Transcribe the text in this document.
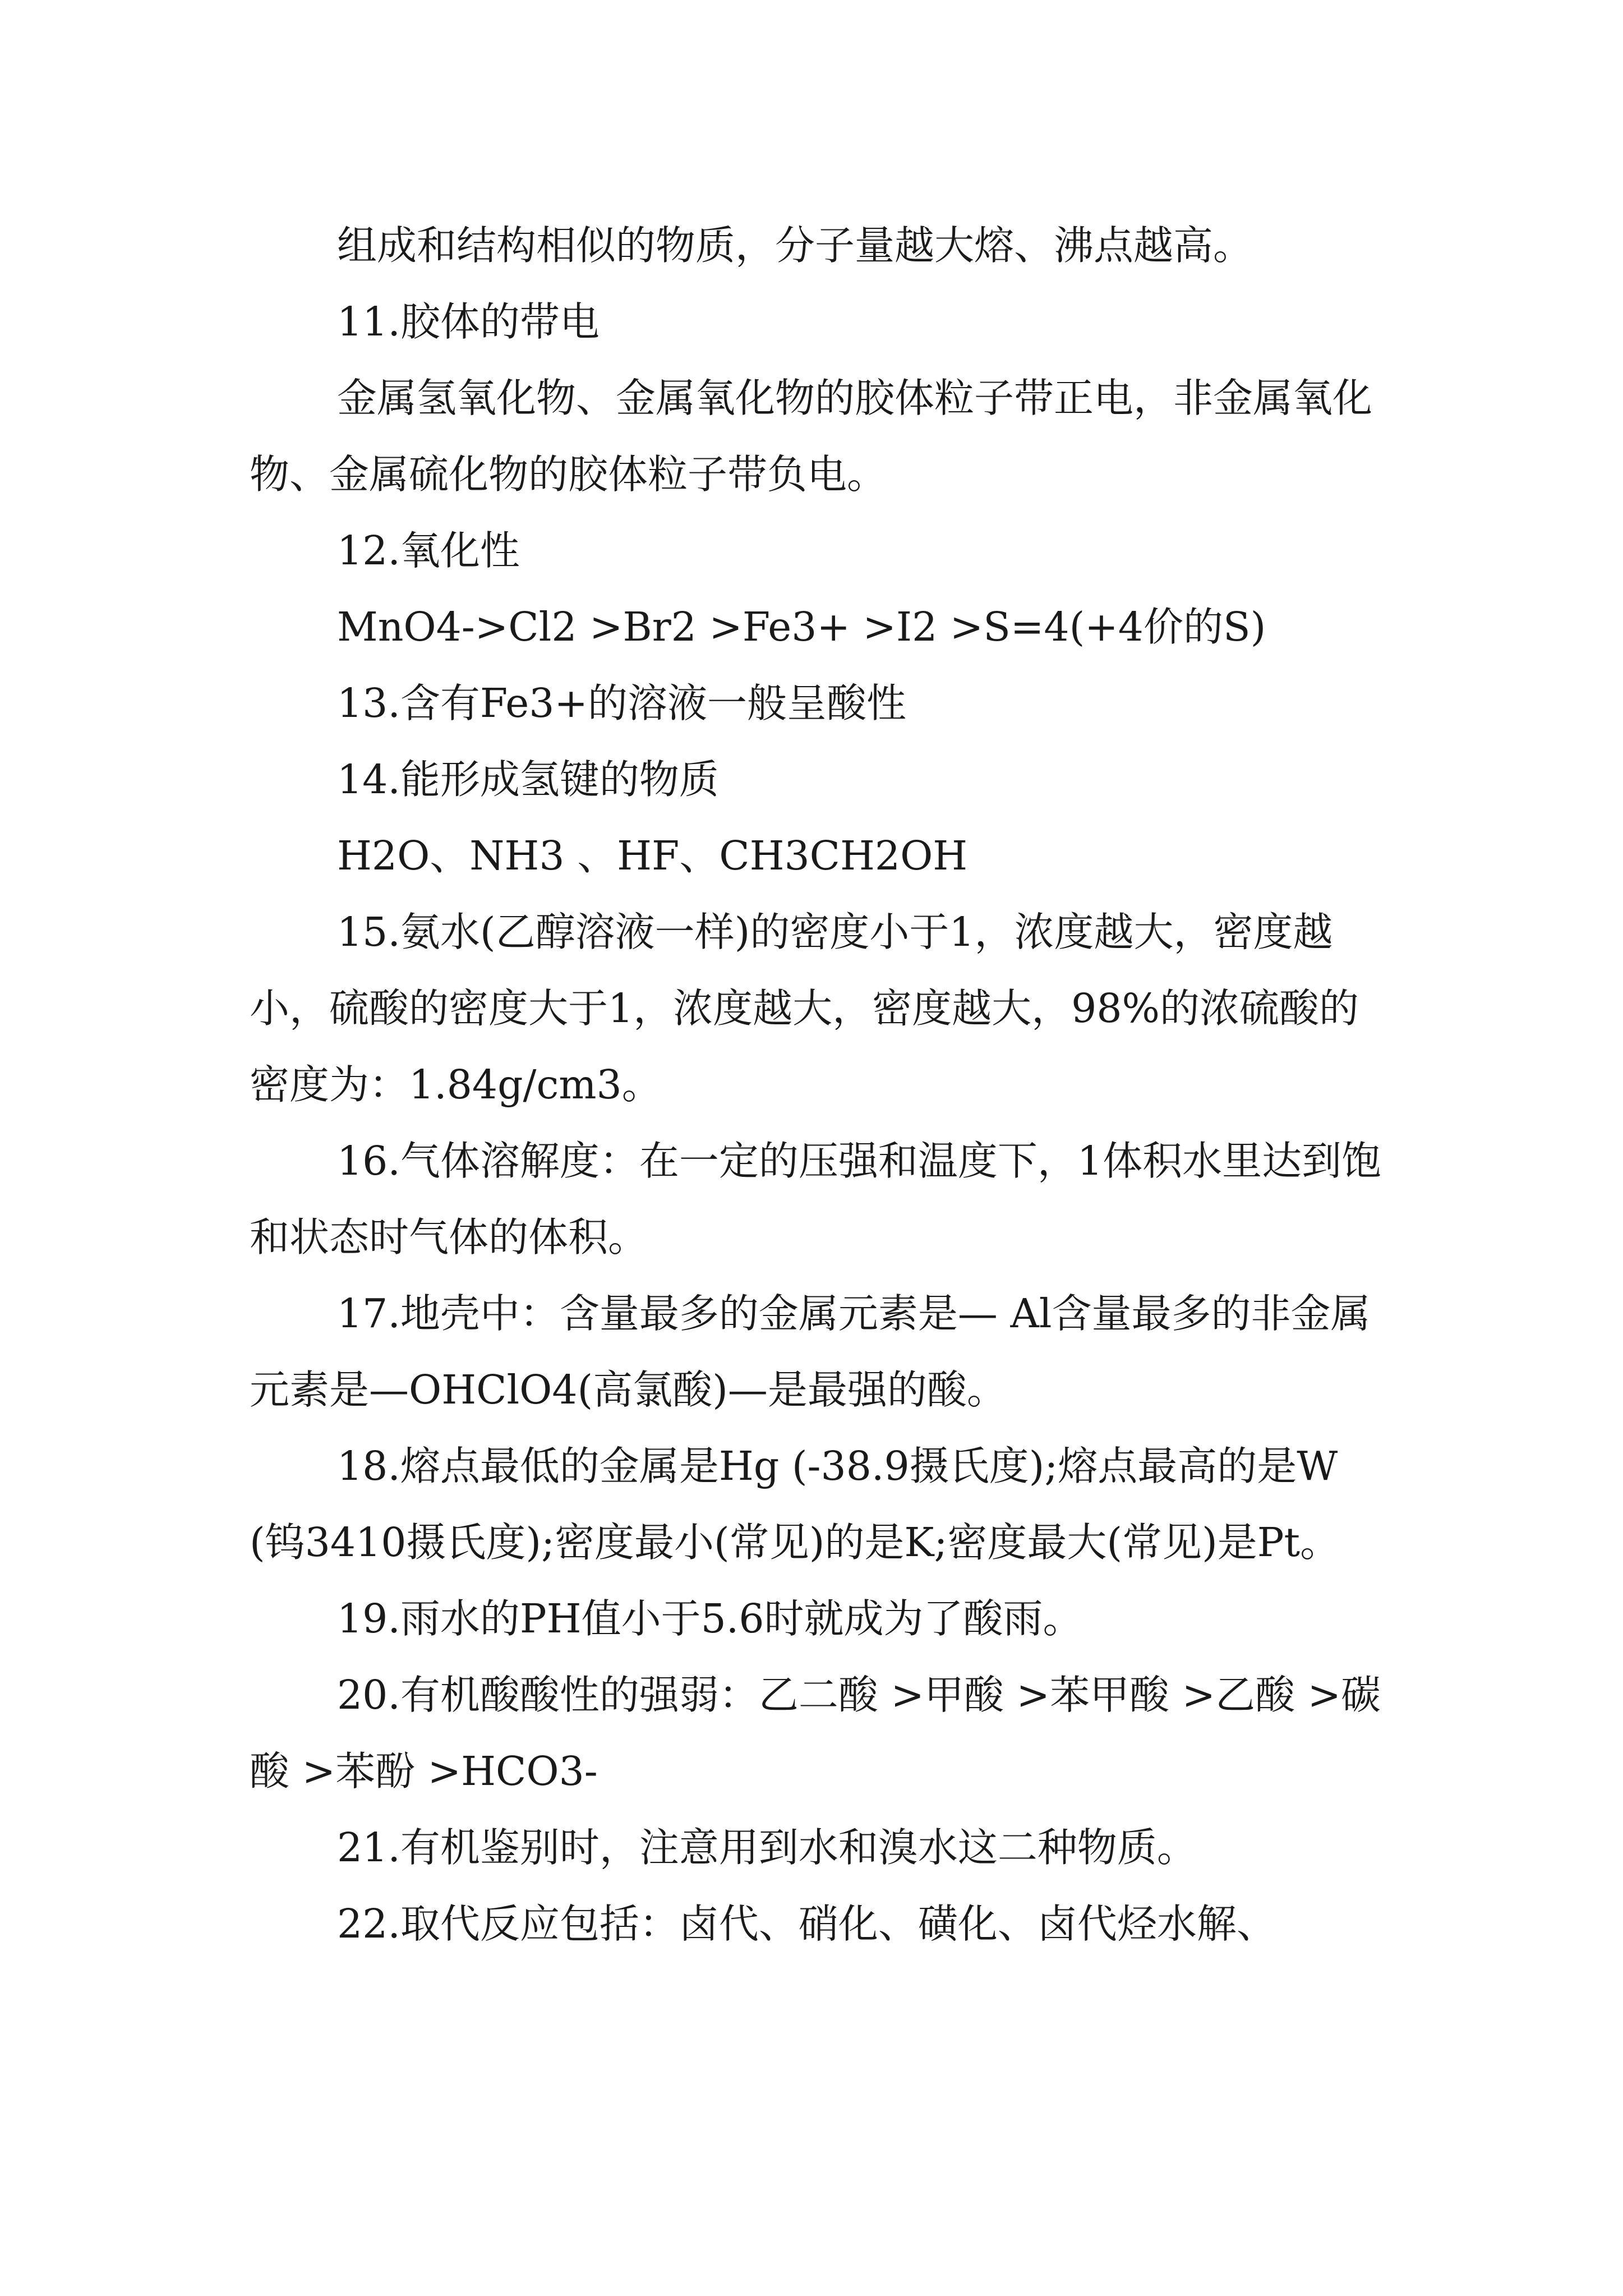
组成和结构相似的物质，分子量越大熔、沸点越高。

11.胶体的带电

金属氢氧化物、金属氧化物的胶体粒子带正电，非金属氧化物、金属硫化物的胶体粒子带负电。

12.氧化性

MnO4->Cl2 >Br2 >Fe3+ >I2 >S=4(+4价的S)

13.含有Fe3+的溶液一般呈酸性

14.能形成氢键的物质

H2O、NH3 、HF、CH3CH2OH

15.氨水(乙醇溶液一样)的密度小于1，浓度越大，密度越小，硫酸的密度大于1，浓度越大，密度越大，98%的浓硫酸的密度为：1.84g/cm3。

16.气体溶解度：在一定的压强和温度下，1体积水里达到饱和状态时气体的体积。

17.地壳中：含量最多的金属元素是— Al含量最多的非金属元素是—OHClO4(高氯酸)—是最强的酸。

18.熔点最低的金属是Hg (-38.9摄氏度);熔点最高的是W(钨3410摄氏度);密度最小(常见)的是K;密度最大(常见)是Pt。

19.雨水的PH值小于5.6时就成为了酸雨。

20.有机酸酸性的强弱：乙二酸 >甲酸 >苯甲酸 >乙酸 >碳酸 >苯酚 >HCO3-

21.有机鉴别时，注意用到水和溴水这二种物质。

22.取代反应包括：卤代、硝化、磺化、卤代烃水解、
